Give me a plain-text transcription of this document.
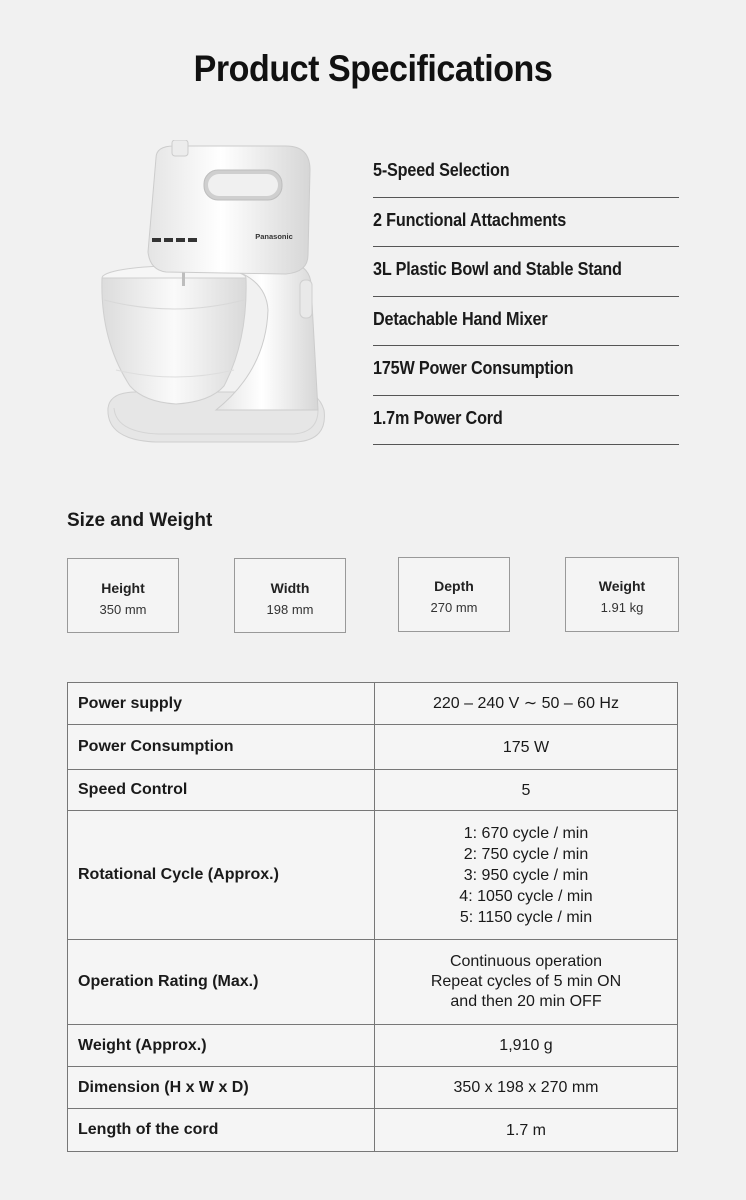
Product Specifications
Panasonic
5-Speed Selection
2 Functional Attachments
3L Plastic Bowl and Stable Stand
Detachable Hand Mixer
175W Power Consumption
1.7m Power Cord
Size and Weight
Height
350 mm
Width
198 mm
Depth
270 mm
Weight
1.91 kg
Power supply	220 – 240 V ∼ 50 – 60 Hz

Power Consumption	175 W

Speed Control	5

Rotational Cycle (Approx.)	1: 670 cycle / min
2: 750 cycle / min
3: 950 cycle / min
4: 1050 cycle / min
5: 1150 cycle / min

Operation Rating (Max.)	Continuous operation
Repeat cycles of 5 min ON
and then 20 min OFF

Weight (Approx.)	1,910 g

Dimension (H x W x D)	350 x 198 x 270 mm

Length of the cord	1.7 m
